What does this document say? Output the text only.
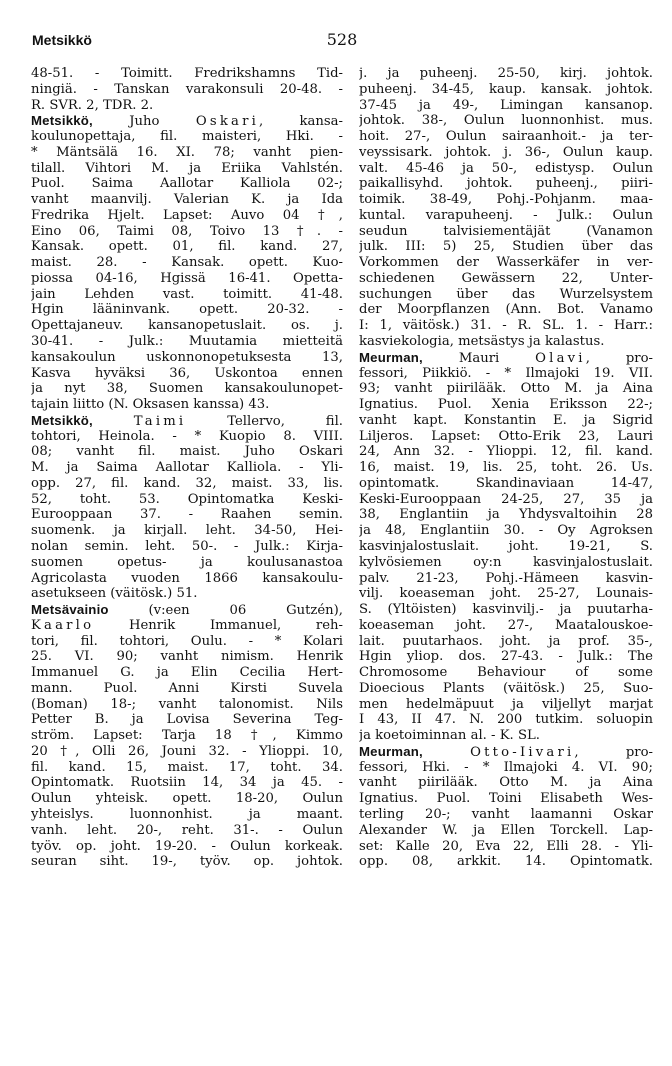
Metsikkö	528
48-51. - Toimitt. Fredrikshamns Tid-
ningiä. - Tanskan varakonsuli 20-48. -
R. SVR. 2, TDR. 2.
Metsikkö, Juho Oskari, kansa-
koulunopettaja, fil. maisteri, Hki. -
* Mäntsälä 16. XI. 78; vanht pien-
tilall. Vihtori M. ja Eriika Vahlstén.
Puol. Saima Aallotar Kalliola 02-;
vanht maanvilj. Valerian K. ja Ida
Fredrika Hjelt. Lapset: Auvo 04 †,
Eino 06, Taimi 08, Toivo 13 †. -
Kansak. opett. 01, fil. kand. 27,
maist. 28. - Kansak. opett. Kuo-
piossa 04-16, Hgissä 16-41. Opetta-
jain Lehden vast. toimitt. 41-48.
Hgin lääninvank. opett. 20-32. -
Opettajaneuv. kansanopetuslait. os. j.
30-41. - Julk.: Muutamia mietteitä
kansakoulun uskonnonopetuksesta 13,
Kasva hyväksi 36, Uskontoa ennen
ja nyt 38, Suomen kansakoulunopet-
tajain liitto (N. Oksasen kanssa) 43.
Metsikkö,	Taimi Tellervo, fil.
tohtori, Heinola. - * Kuopio 8. VIII.
08; vanht fil. maist. Juho Oskari
M. ja Saima Aallotar Kalliola. - Yli-
opp. 27, fil. kand. 32, maist. 33, lis.
52, toht. 53. Opintomatka Keski-
Eurooppaan 37. - Raahen semin.
suomenk. ja kirjall. leht. 34-50, Hei-
nolan semin. leht. 50-. - Julk.: Kirja-
suomen opetus- ja koulusanastoa
Agricolasta vuoden 1866 kansakoulu-
asetukseen (väitösk.) 51.
Metsävainio (v:een 06 Gutzén),
Kaarlo Henrik Immanuel, reh-
tori, fil. tohtori, Oulu. - * Kolari
25. VI. 90; vanht nimism. Henrik
Immanuel G. ja Elin Cecilia Hert-
mann. Puol. Anni Kirsti Suvela
(Boman) 18-; vanht talonomist. Nils
Petter B. ja Lovisa Severina Teg-
ström. Lapset: Tarja 18 †, Kimmo
20 †, Olli 26, Jouni 32. - Ylioppi. 10,
fil. kand. 15, maist. 17, toht. 34.
Opintomatk. Ruotsiin 14, 34 ja 45. -
Oulun yhteisk. opett. 18-20, Oulun
yhteislys. luonnonhist. ja maant.
vanh. leht. 20-, reht. 31-. - Oulun
työv. op. joht. 19-20. - Oulun korkeak.
seuran siht. 19-, työv. op. johtok.
j. ja puheenj. 25-50, kirj. johtok.
puheenj. 34-45, kaup. kansak. johtok.
37-45 ja 49-, Limingan kansanop.
johtok. 38-, Oulun luonnonhist. mus.
hoit. 27-, Oulun sairaanhoit.- ja ter-
veyssisark. johtok. j. 36-, Oulun kaup.
valt. 45-46 ja 50-, edistysp. Oulun
paikallisyhd. johtok. puheenj., piiri-
toimik. 38-49, Pohj.-Pohjanm. maa-
kuntal. varapuheenj. - Julk.: Oulun
seudun talvisiementäjät (Vanamon
julk. III: 5) 25, Studien über das
Vorkommen der Wasserkäfer in ver-
schiedenen Gewässern 22, Unter-
suchungen über das Wurzelsystem
der Moorpflanzen (Ann. Bot. Vanamo
I: 1, väitösk.) 31. - R. SL. 1. - Harr.:
kasviekologia, metsästys ja kalastus.
Meurman, Mauri Olavi, pro-
fessori, Piikkiö. - * Ilmajoki 19. VII.
93; vanht piirilääk. Otto M. ja Aina
Ignatius. Puol. Xenia Eriksson 22-;
vanht kapt. Konstantin E. ja Sigrid
Liljeros. Lapset: Otto-Erik 23, Lauri
24, Ann 32. - Ylioppi. 12, fil. kand.
16, maist. 19, lis. 25, toht. 26. Us.
opintomatk. Skandinaviaan 14-47,
Keski-Eurooppaan 24-25, 27, 35 ja
38, Englantiin ja Yhdysvaltoihin 28
ja 48, Englantiin 30. - Oy Agroksen
kasvinjalostuslait. joht. 19-21, S.
kylvösiemen oy:n kasvinjalostuslait.
palv. 21-23, Pohj.-Hämeen kasvin-
vilj. koeaseman joht. 25-27, Lounais-
S. (Yltöisten) kasvinvilj.- ja puutarha-
koeaseman joht. 27-, Maatalouskoe-
lait. puutarhaos. joht. ja prof. 35-,
Hgin yliop. dos. 27-43. - Julk.: The
Chromosome Behaviour of some
Dioecious Plants (väitösk.) 25, Suo-
men hedelmäpuut ja viljellyt marjat
I 43, II 47. N. 200 tutkim. soluopin
ja koetoiminnan al. - K. SL.
Meurman,	Otto-Iivari, pro-
fessori, Hki. - * Ilmajoki 4. VI. 90;
vanht piirilääk. Otto M. ja Aina
Ignatius. Puol. Toini Elisabeth Wes-
terling 20-; vanht laamanni Oskar
Alexander W. ja Ellen Torckell. Lap-
set: Kalle 20, Eva 22, Elli 28. - Yli-
opp. 08, arkkit. 14. Opintomatk.
